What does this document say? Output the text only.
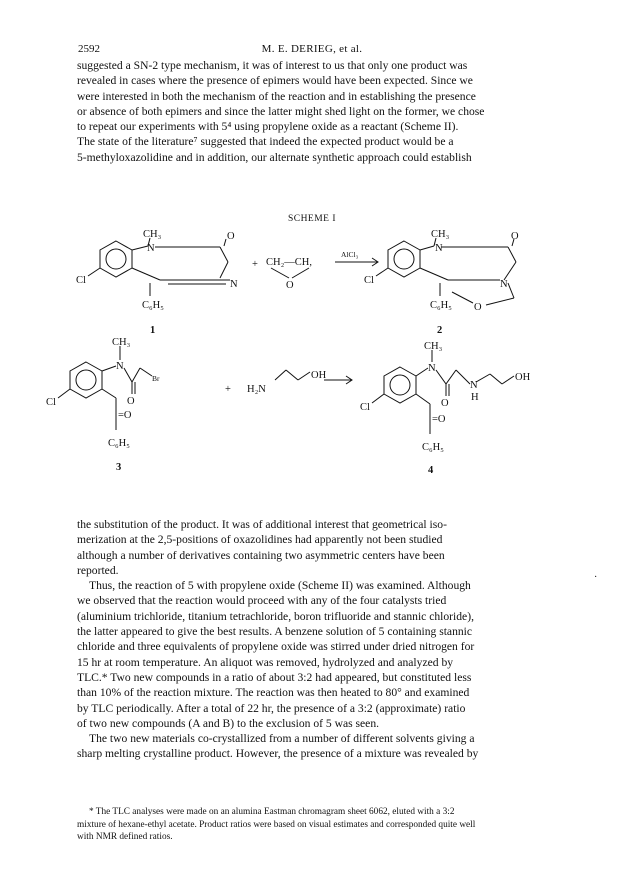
2592	M. E. DERIEG, et al.
suggested a SN-2 type mechanism, it was of interest to us that only one product was
revealed in cases where the presence of epimers would have been expected. Since we
were interested in both the mechanism of the reaction and in establishing the presence
or absence of both epimers and since the latter might shed light on the former, we chose
to repeat our experiments with 5⁴ using propylene oxide as a reactant (Scheme II).
The state of the literature⁷ suggested that indeed the expected product would be a
5-methyloxazolidine and in addition, our alternate synthetic approach could establish
SCHEME I
CH₃
N
O
Cl	N
C₆H₅
1
+ CH₂—CH,
O
AlCl₃
CH₃
N
O
Cl	N
C₆H₅ O
2
CH₃
N
Br
O
Cl
=O
C₆H₅
3
+ H₂N
OH
CH₃
N
O
N
H
OH
Cl
=O
C₆H₅
4
the substitution of the product. It was of additional interest that geometrical iso-
merization at the 2,5-positions of oxazolidines had apparently not been studied
although a number of derivatives containing two asymmetric centers have been
reported.
Thus, the reaction of 5 with propylene oxide (Scheme II) was examined. Although
we observed that the reaction would proceed with any of the four catalysts tried
(aluminium trichloride, titanium tetrachloride, boron trifluoride and stannic chloride),
the latter appeared to give the best results. A benzene solution of 5 containing stannic
chloride and three equivalents of propylene oxide was stirred under dried nitrogen for
15 hr at room temperature. An aliquot was removed, hydrolyzed and analyzed by
TLC.* Two new compounds in a ratio of about 3:2 had appeared, but constituted less
than 10% of the reaction mixture. The reaction was then heated to 80° and examined
by TLC periodically. After a total of 22 hr, the presence of a 3:2 (approximate) ratio
of two new compounds (A and B) to the exclusion of 5 was seen.
The two new materials co-crystallized from a number of different solvents giving a
sharp melting crystalline product. However, the presence of a mixture was revealed by
·
* The TLC analyses were made on an alumina Eastman chromagram sheet 6062, eluted with a 3:2
mixture of hexane-ethyl acetate. Product ratios were based on visual estimates and corresponded quite well
with NMR defined ratios.
